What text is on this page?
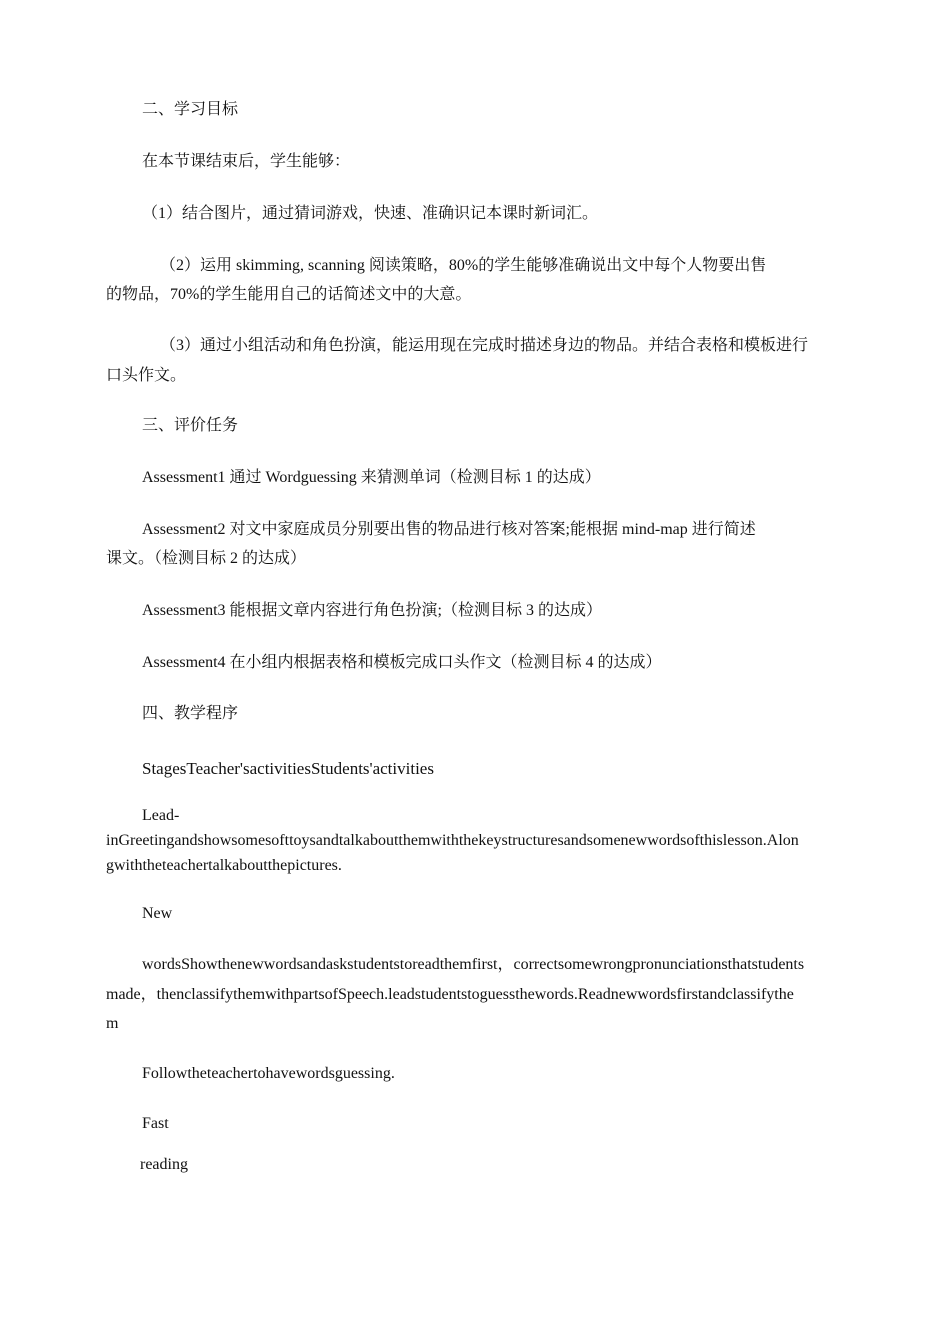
二、学习目标

在本节课结束后，学生能够：

（1）结合图片，通过猜词游戏，快速、准确识记本课时新词汇。

（2）运用 skimming, scanning 阅读策略，80%的学生能够准确说出文中每个人物要出售

的物品，70%的学生能用自己的话简述文中的大意。

（3）通过小组活动和角色扮演，能运用现在完成时描述身边的物品。并结合表格和模板进行

口头作文。

三、评价任务

Assessment1 通过 Wordguessing 来猜测单词（检测目标 1 的达成）

Assessment2 对文中家庭成员分别要出售的物品进行核对答案;能根据 mind-map 进行简述

课文。（检测目标 2 的达成）

Assessment3 能根据文章内容进行角色扮演;（检测目标 3 的达成）

Assessment4 在小组内根据表格和模板完成口头作文（检测目标 4 的达成）

四、教学程序

StagesTeacher'sactivitiesStudents'activities

Lead-

inGreetingandshowsomesofttoysandtalkaboutthemwiththekeystructuresandsomenewwordsofthislesson.Alon

gwiththeteachertalkaboutthepictures.

New

wordsShowthenewwordsandaskstudentstoreadthemfirst，correctsomewrongpronunciationsthatstudents

made，thenclassifythemwithpartsofSpeech.leadstudentstoguessthewords.Readnewwordsfirstandclassifythe

m

Followtheteachertohavewordsguessing.

Fast

reading
